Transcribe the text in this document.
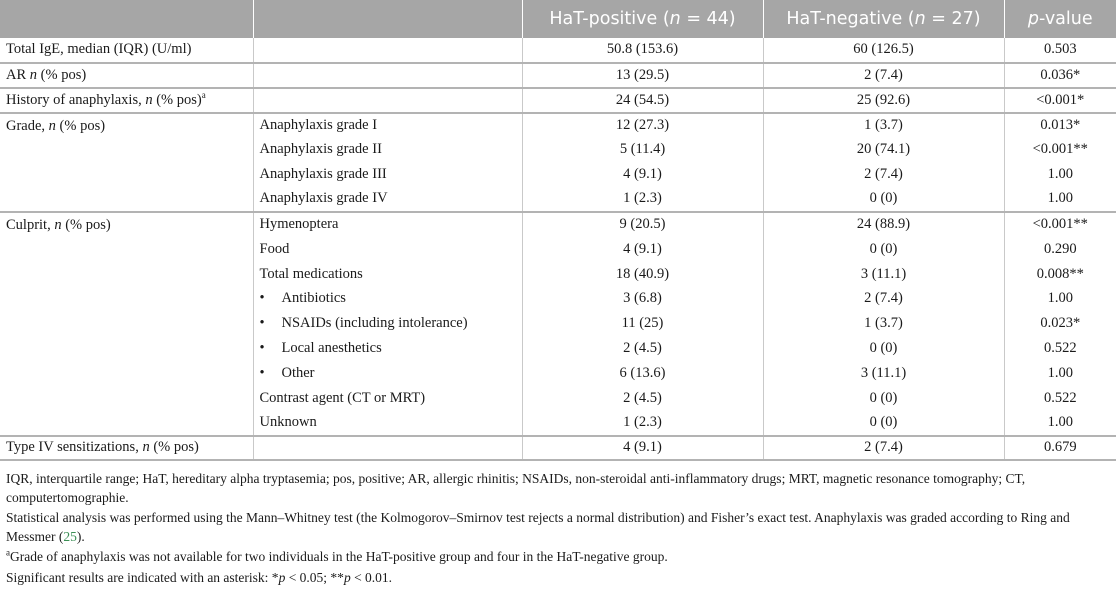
		HaT-positive (n = 44)	HaT-negative (n = 27)	p-value
Total IgE, median (IQR) (U/ml)		50.8 (153.6)	60 (126.5)	0.503
AR n (% pos)		13 (29.5)	2 (7.4)	0.036*
History of anaphylaxis, n (% pos)$^a$		24 (54.5)	25 (92.6)	<0.001*
Grade, n (% pos)	Anaphylaxis grade I	12 (27.3)	1 (3.7)	0.013*
	Anaphylaxis grade II	5 (11.4)	20 (74.1)	<0.001**
	Anaphylaxis grade III	4 (9.1)	2 (7.4)	1.00
	Anaphylaxis grade IV	1 (2.3)	0 (0)	1.00
Culprit, n (% pos)	Hymenoptera	9 (20.5)	24 (88.9)	<0.001**
	Food	4 (9.1)	0 (0)	0.290
	Total medications	18 (40.9)	3 (11.1)	0.008**
	• Antibiotics	3 (6.8)	2 (7.4)	1.00
	• NSAIDs (including intolerance)	11 (25)	1 (3.7)	0.023*
	• Local anesthetics	2 (4.5)	0 (0)	0.522
	• Other	6 (13.6)	3 (11.1)	1.00
	Contrast agent (CT or MRT)	2 (4.5)	0 (0)	0.522
	Unknown	1 (2.3)	0 (0)	1.00
Type IV sensitizations, n (% pos)		4 (9.1)	2 (7.4)	0.679

IQR, interquartile range; HaT, hereditary alpha tryptasemia; pos, positive; AR, allergic rhinitis; NSAIDs, non-steroidal anti-inflammatory drugs; MRT, magnetic resonance tomography; CT, computertomographie.

Statistical analysis was performed using the Mann–Whitney test (the Kolmogorov–Smirnov test rejects a normal distribution) and Fisher’s exact test. Anaphylaxis was graded according to Ring and Messmer (25).

$^a$Grade of anaphylaxis was not available for two individuals in the HaT-positive group and four in the HaT-negative group.

Significant results are indicated with an asterisk: *p < 0.05; **p < 0.01.
